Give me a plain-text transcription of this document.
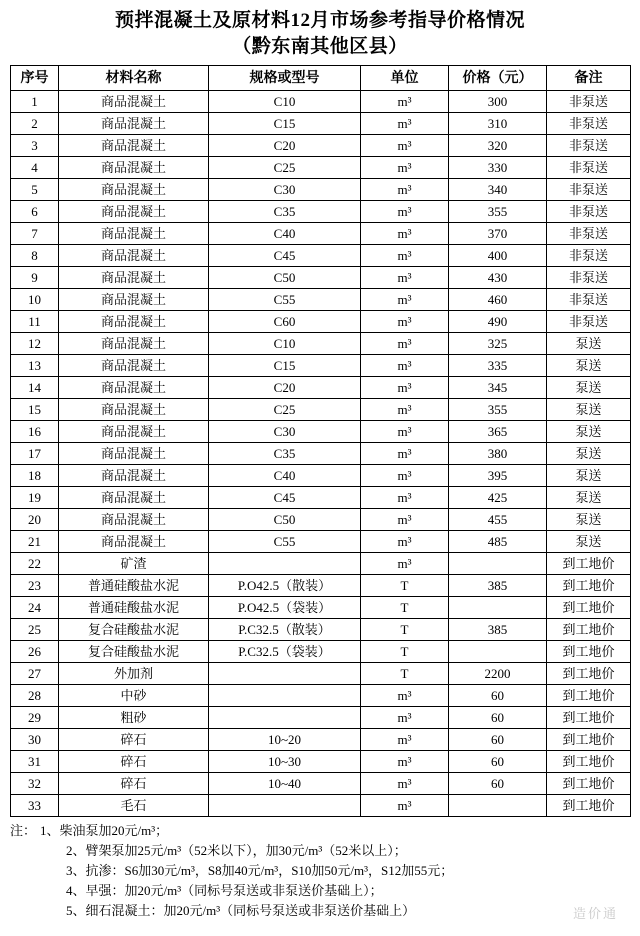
预拌混凝土及原材料12月市场参考指导价格情况
（黔东南其他区县）
序号	材料名称	规格或型号	单位	价格（元）	备注
1	商品混凝土	C10	m³	300	非泵送
2	商品混凝土	C15	m³	310	非泵送
3	商品混凝土	C20	m³	320	非泵送
4	商品混凝土	C25	m³	330	非泵送
5	商品混凝土	C30	m³	340	非泵送
6	商品混凝土	C35	m³	355	非泵送
7	商品混凝土	C40	m³	370	非泵送
8	商品混凝土	C45	m³	400	非泵送
9	商品混凝土	C50	m³	430	非泵送
10	商品混凝土	C55	m³	460	非泵送
11	商品混凝土	C60	m³	490	非泵送
12	商品混凝土	C10	m³	325	泵送
13	商品混凝土	C15	m³	335	泵送
14	商品混凝土	C20	m³	345	泵送
15	商品混凝土	C25	m³	355	泵送
16	商品混凝土	C30	m³	365	泵送
17	商品混凝土	C35	m³	380	泵送
18	商品混凝土	C40	m³	395	泵送
19	商品混凝土	C45	m³	425	泵送
20	商品混凝土	C50	m³	455	泵送
21	商品混凝土	C55	m³	485	泵送
22	矿渣		m³		到工地价
23	普通硅酸盐水泥	P.O42.5（散装）	T	385	到工地价
24	普通硅酸盐水泥	P.O42.5（袋装）	T		到工地价
25	复合硅酸盐水泥	P.C32.5（散装）	T	385	到工地价
26	复合硅酸盐水泥	P.C32.5（袋装）	T		到工地价
27	外加剂		T	2200	到工地价
28	中砂		m³	60	到工地价
29	粗砂		m³	60	到工地价
30	碎石	10~20	m³	60	到工地价
31	碎石	10~30	m³	60	到工地价
32	碎石	10~40	m³	60	到工地价
33	毛石		m³		到工地价
注： 1、柴油泵加20元/m³；
2、臂架泵加25元/m³（52米以下），加30元/m³（52米以上）；
3、抗渗：S6加30元/m³，S8加40元/m³，S10加50元/m³，S12加55元；
4、早强：加20元/m³（同标号泵送或非泵送价基础上）；
5、细石混凝土：加20元/m³（同标号泵送或非泵送价基础上）	造价通
